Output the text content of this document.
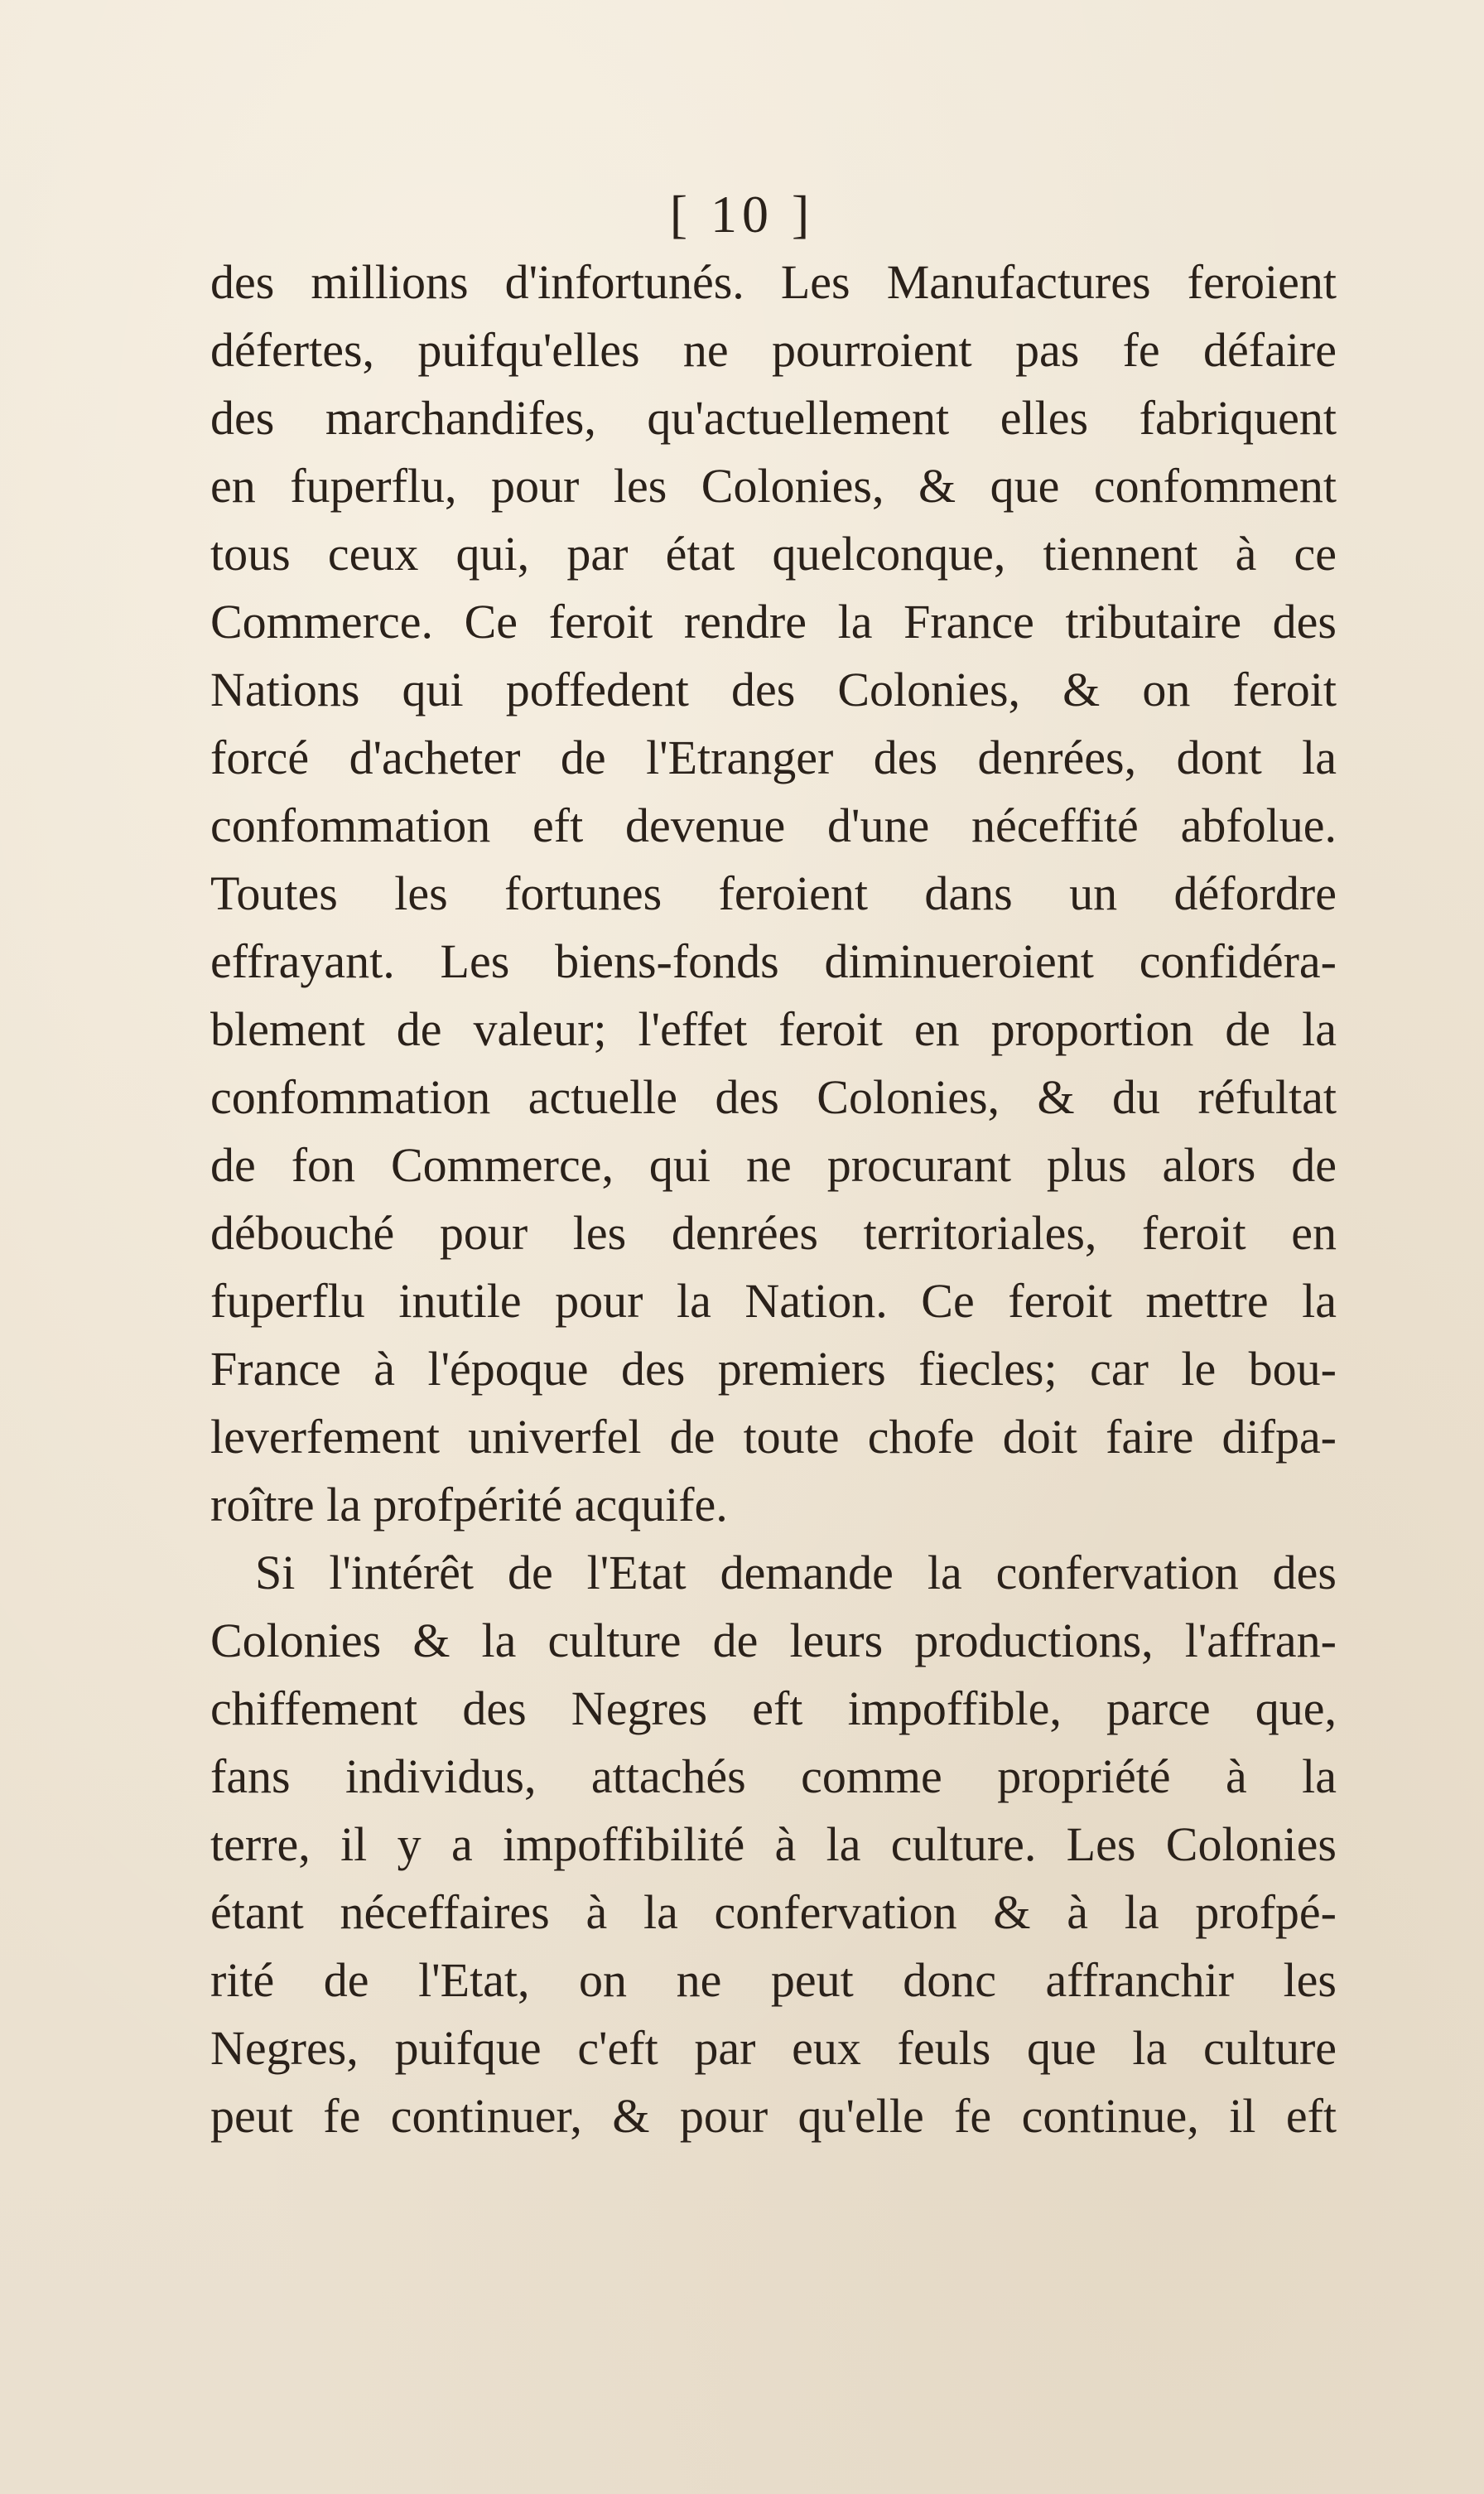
[ 10 ]
des millions d'infortunés. Les Manufactures feroient
défertes, puifqu'elles ne pourroient pas fe défaire
des marchandifes, qu'actuellement elles fabriquent
en fuperflu, pour les Colonies, & que confomment
tous ceux qui, par état quelconque, tiennent à ce
Commerce. Ce feroit rendre la France tributaire des
Nations qui poffedent des Colonies, & on feroit
forcé d'acheter de l'Etranger des denrées, dont la
confommation eft devenue d'une néceffité abfolue.
Toutes les fortunes feroient dans un défordre
effrayant. Les biens-fonds diminueroient confidéra-
blement de valeur; l'effet feroit en proportion de la
confommation actuelle des Colonies, & du réfultat
de fon Commerce, qui ne procurant plus alors de
débouché pour les denrées territoriales, feroit en
fuperflu inutile pour la Nation. Ce feroit mettre la
France à l'époque des premiers fiecles; car le bou-
leverfement univerfel de toute chofe doit faire difpa-
roître la profpérité acquife.
Si l'intérêt de l'Etat demande la confervation des
Colonies & la culture de leurs productions, l'affran-
chiffement des Negres eft impoffible, parce que,
fans individus, attachés comme propriété à la
terre, il y a impoffibilité à la culture. Les Colonies
étant néceffaires à la confervation & à la profpé-
rité de l'Etat, on ne peut donc affranchir les
Negres, puifque c'eft par eux feuls que la culture
peut fe continuer, & pour qu'elle fe continue, il eft
